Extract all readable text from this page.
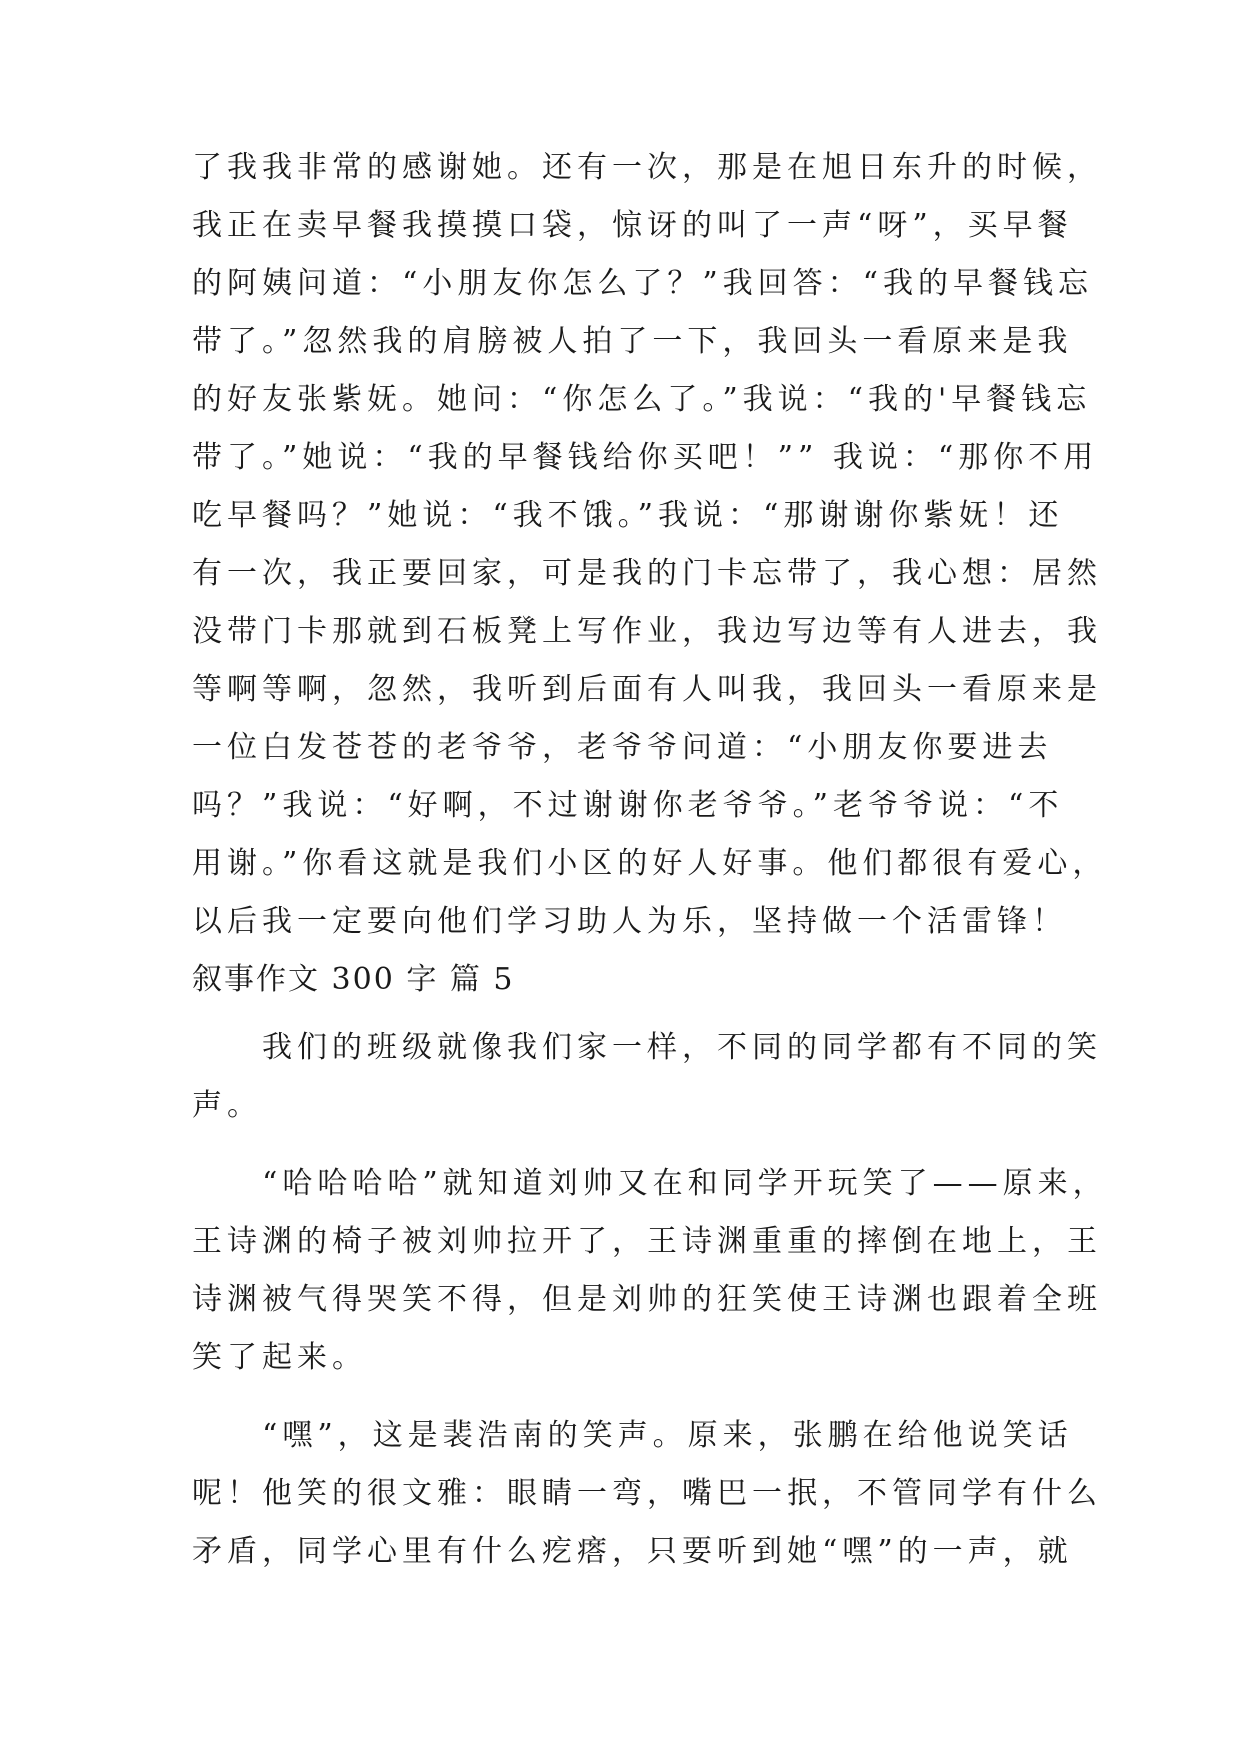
了我我非常的感谢她。还有一次，那是在旭日东升的时候，
我正在卖早餐我摸摸口袋，惊讶的叫了一声“呀”，买早餐
的阿姨问道：“小朋友你怎么了？”我回答：“我的早餐钱忘
带了。”忽然我的肩膀被人拍了一下，我回头一看原来是我
的好友张紫妩。她问：“你怎么了。”我说：“我的'早餐钱忘
带了。”她说：“我的早餐钱给你买吧！”” 我说：“那你不用
吃早餐吗？”她说：“我不饿。”我说：“那谢谢你紫妩！还
有一次，我正要回家，可是我的门卡忘带了，我心想：居然
没带门卡那就到石板凳上写作业，我边写边等有人进去，我
等啊等啊，忽然，我听到后面有人叫我，我回头一看原来是
一位白发苍苍的老爷爷，老爷爷问道：“小朋友你要进去
吗？”我说：“好啊，不过谢谢你老爷爷。”老爷爷说：“不
用谢。”你看这就是我们小区的好人好事。他们都很有爱心，
以后我一定要向他们学习助人为乐，坚持做一个活雷锋！
叙事作文 300 字 篇 5
　　我们的班级就像我们家一样，不同的同学都有不同的笑
声。
　　“哈哈哈哈”就知道刘帅又在和同学开玩笑了——原来，
王诗渊的椅子被刘帅拉开了，王诗渊重重的摔倒在地上，王
诗渊被气得哭笑不得，但是刘帅的狂笑使王诗渊也跟着全班
笑了起来。
　　“嘿”，这是裴浩南的笑声。原来，张鹏在给他说笑话
呢！他笑的很文雅：眼睛一弯，嘴巴一抿，不管同学有什么
矛盾，同学心里有什么疙瘩，只要听到她“嘿”的一声，就
